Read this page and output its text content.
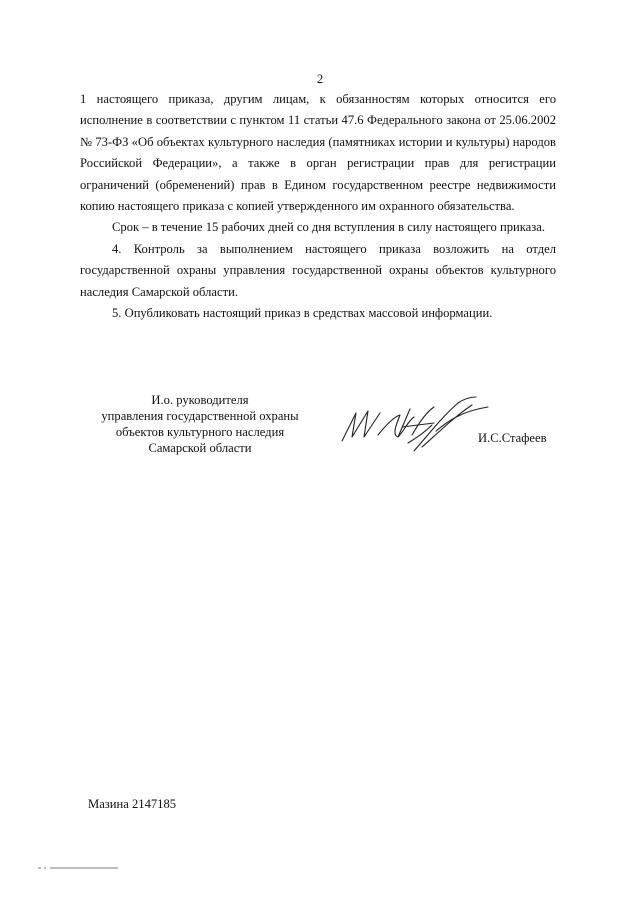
2

1 настоящего приказа, другим лицам, к обязанностям которых относится его исполнение в соответствии с пунктом 11 статьи 47.6 Федерального закона от 25.06.2002 № 73-ФЗ «Об объектах культурного наследия (памятниках истории и культуры) народов Российской Федерации», а также в орган регистрации прав для регистрации ограничений (обременений) прав в Едином государственном реестре недвижимости копию настоящего приказа с копией утвержденного им охранного обязательства.

Срок – в течение 15 рабочих дней со дня вступления в силу настоящего приказа.

4. Контроль за выполнением настоящего приказа возложить на отдел государственной охраны управления государственной охраны объектов культурного наследия Самарской области.

5. Опубликовать настоящий приказ в средствах массовой информации.

И.о. руководителя
управления государственной охраны
объектов культурного наследия
Самарской области
И.С.Стафеев
Мазина 2147185
